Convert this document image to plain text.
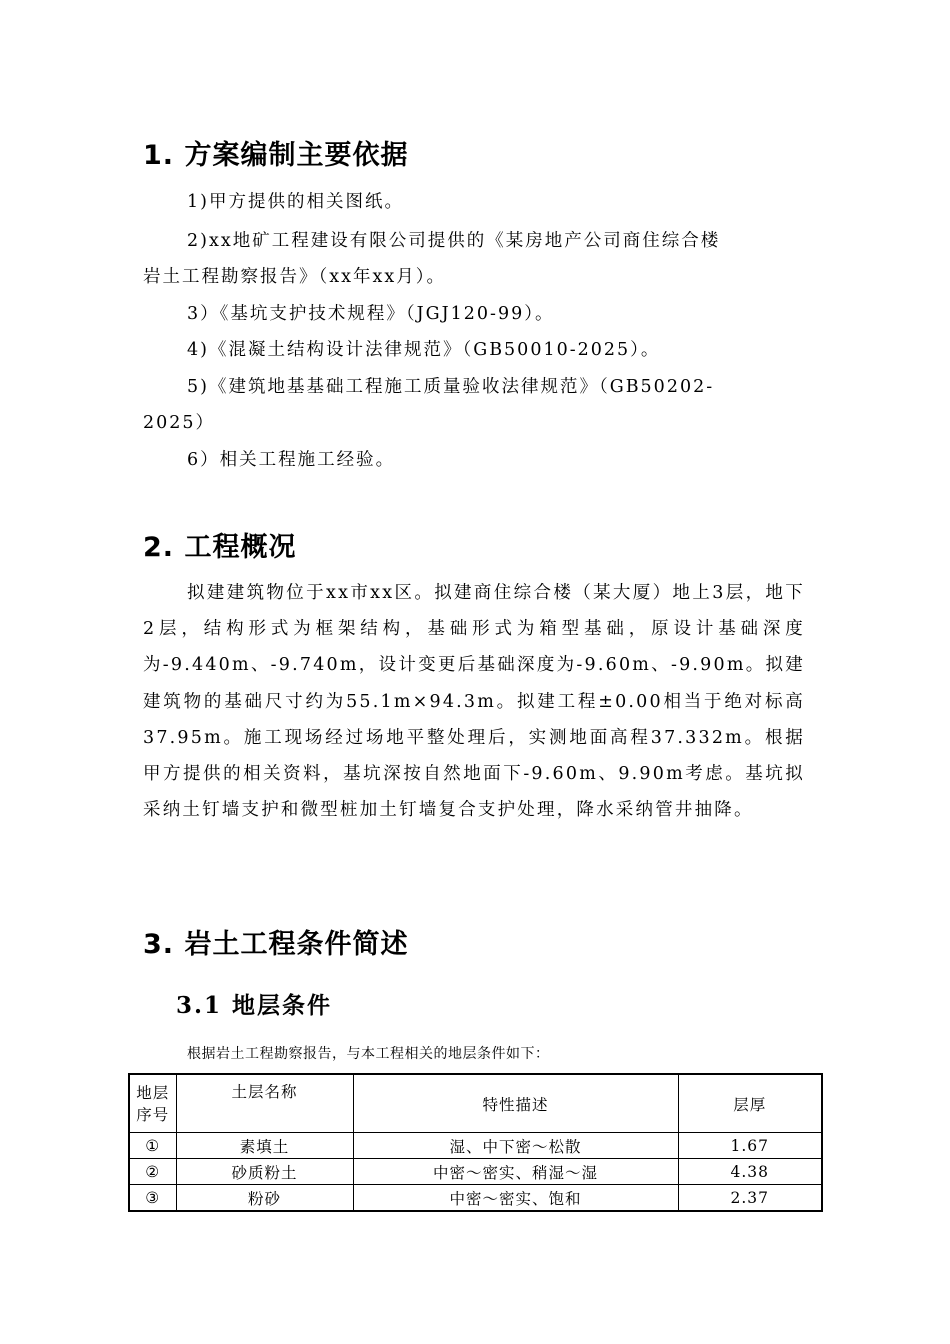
1. 方案编制主要依据
1)甲方提供的相关图纸。
2)xx地矿工程建设有限公司提供的《某房地产公司商住综合楼
岩土工程勘察报告》（xx年xx月）。
3）《基坑支护技术规程》（JGJ120-99）。
4)《混凝土结构设计法律规范》（GB50010-2025）。
5)《建筑地基基础工程施工质量验收法律规范》（GB50202-
2025）
6）相关工程施工经验。
2. 工程概况
拟建建筑物位于xx市xx区。拟建商住综合楼（某大厦）地上3层，地下2层，结构形式为框架结构，基础形式为箱型基础，原设计基础深度为-9.440m、-9.740m，设计变更后基础深度为-9.60m、-9.90m。拟建建筑物的基础尺寸约为55.1m×94.3m。拟建工程±0.00相当于绝对标高37.95m。施工现场经过场地平整处理后，实测地面高程37.332m。根据甲方提供的相关资料，基坑深按自然地面下-9.60m、9.90m考虑。基坑拟采纳土钉墙支护和微型桩加土钉墙复合支护处理，降水采纳管井抽降。
3. 岩土工程条件简述
3.1 地层条件
根据岩土工程勘察报告，与本工程相关的地层条件如下：
地层序号	土层名称	特性描述	层厚
①	素填土	湿、中下密～松散	1.67
②	砂质粉土	中密～密实、稍湿～湿	4.38
③	粉砂	中密～密实、饱和	2.37
